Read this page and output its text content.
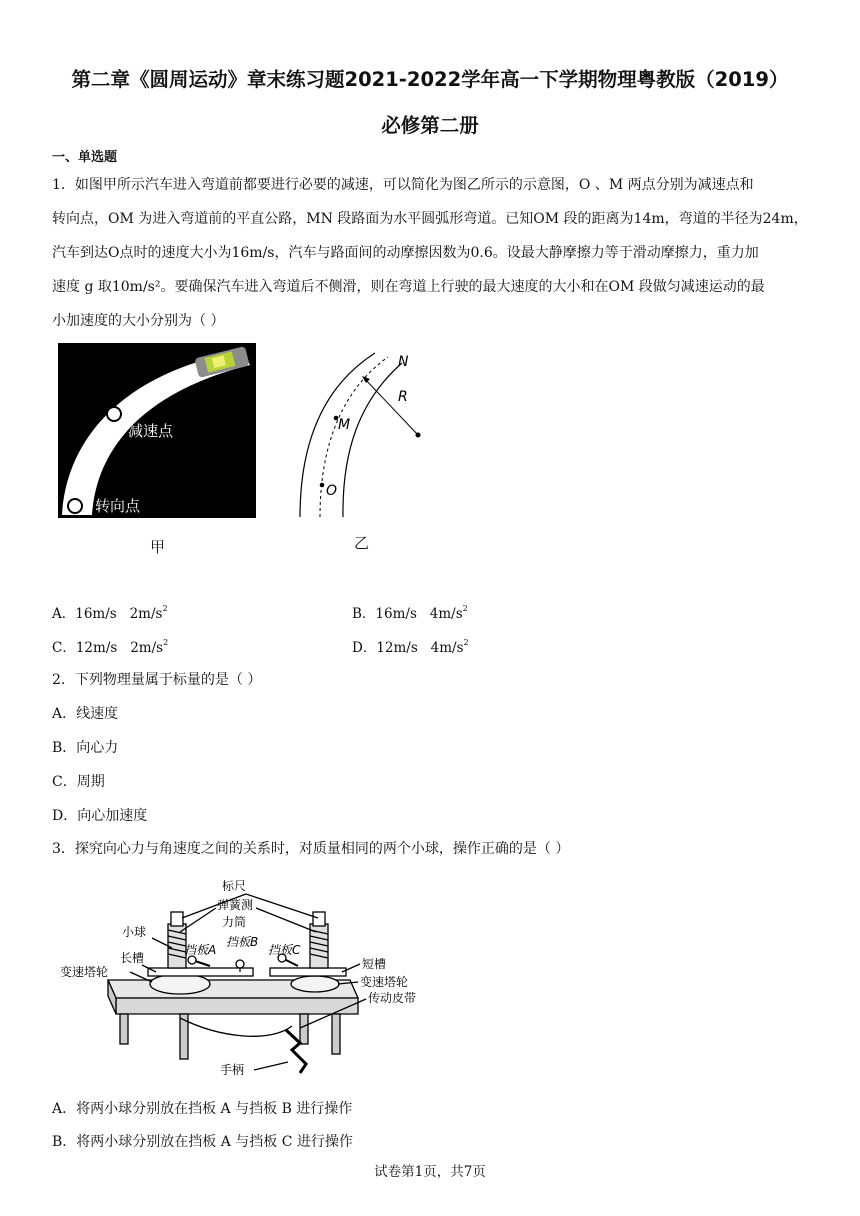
第二章《圆周运动》章末练习题2021-2022学年高一下学期物理粤教版（2019）
必修第二册
一、单选题
1．如图甲所示汽车进入弯道前都要进行必要的减速，可以简化为图乙所示的示意图，O 、M 两点分别为减速点和
转向点，OM 为进入弯道前的平直公路，MN 段路面为水平圆弧形弯道。已知OM 段的距离为14m，弯道的半径为24m，
汽车到达O点时的速度大小为16m/s，汽车与路面间的动摩擦因数为0.6。设最大静摩擦力等于滑动摩擦力，重力加
速度 g 取10m/s²。要确保汽车进入弯道后不侧滑，则在弯道上行驶的最大速度的大小和在OM 段做匀减速运动的最
小加速度的大小分别为（ ）
减速点
转向点
甲
N
R
M
O
乙
A．16m/s $2m/s^2$	B．16m/s $4m/s^2$
C．12m/s $2m/s^2$	D．12m/s $4m/s^2$
2．下列物理量属于标量的是（ ）
A．线速度
B．向心力
C．周期
D．向心加速度
3．探究向心力与角速度之间的关系时，对质量相同的两个小球，操作正确的是（ ）
标尺
弹簧测
力筒
小球
挡板A
挡板B
挡板C
长槽	短槽
变速塔轮
变速塔轮
传动皮带
手柄
A．将两小球分别放在挡板 A 与挡板 B 进行操作
B．将两小球分别放在挡板 A 与挡板 C 进行操作
试卷第1页，共7页
